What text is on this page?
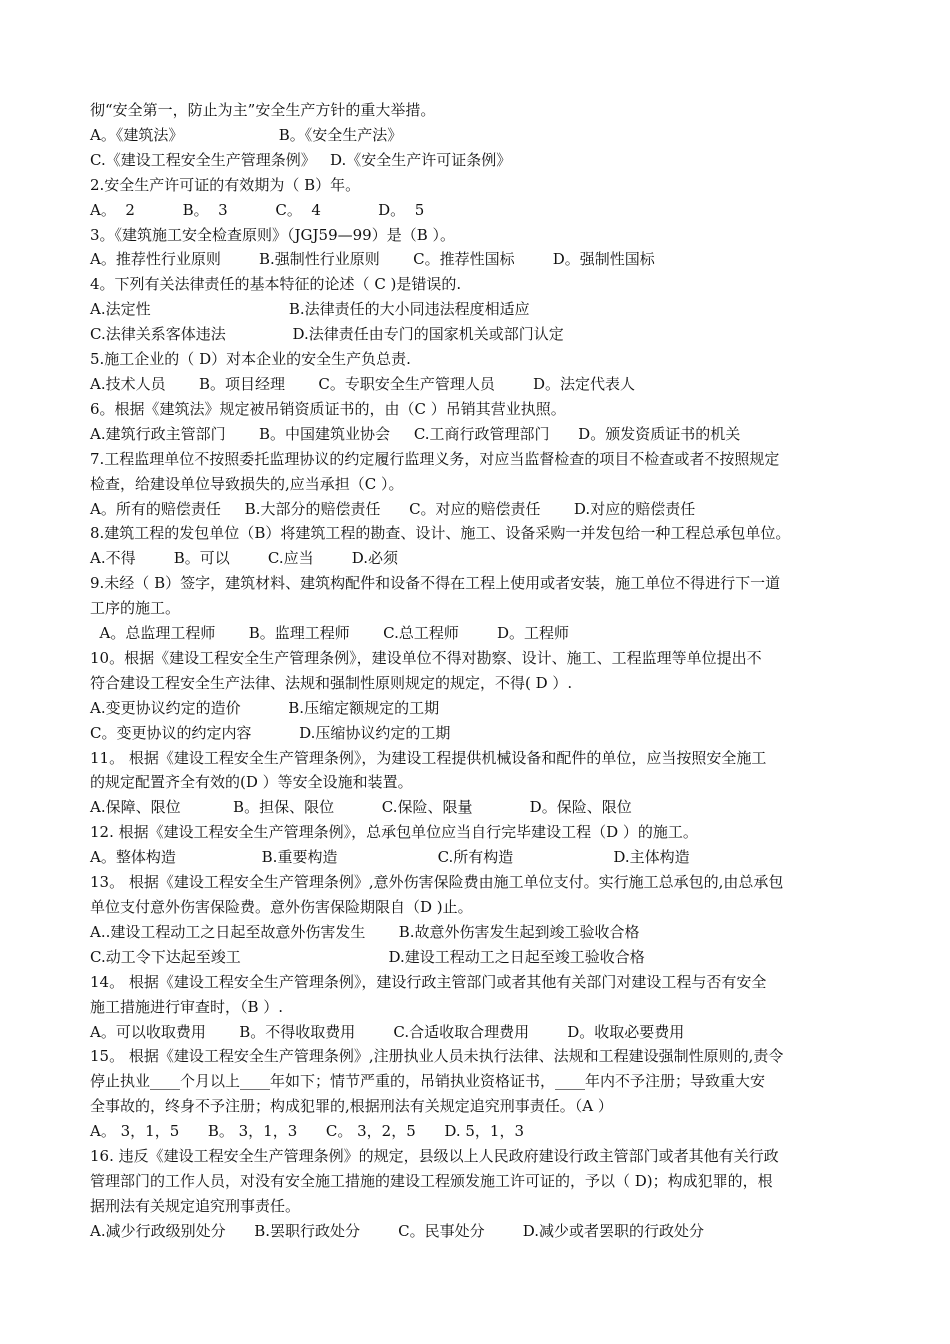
彻“安全第一，防止为主”安全生产方针的重大举措。
A。《建筑法》                    B。《安全生产法》
C.《建设工程安全生产管理条例》   D.《安全生产许可证条例》
2.安全生产许可证的有效期为（ B）年。
A。  2          B。  3          C。  4            D。  5
3。《建筑施工安全检查原则》（JGJ59—99）是（B ）。
A。推荐性行业原则        B.强制性行业原则       C。推荐性国标        D。强制性国标
4。下列有关法律责任的基本特征的论述（ C )是错误的.
A.法定性                             B.法律责任的大小同违法程度相适应
C.法律关系客体违法              D.法律责任由专门的国家机关或部门认定
5.施工企业的（ D）对本企业的安全生产负总责.
A.技术人员       B。项目经理       C。专职安全生产管理人员        D。法定代表人
6。根据《建筑法》规定被吊销资质证书的，由（C ）吊销其营业执照。
A.建筑行政主管部门       B。中国建筑业协会     C.工商行政管理部门      D。颁发资质证书的机关
7.工程监理单位不按照委托监理协议的约定履行监理义务，对应当监督检查的项目不检查或者不按照规定
检查，给建设单位导致损失的,应当承担（C ）。
A。所有的赔偿责任     B.大部分的赔偿责任      C。对应的赔偿责任       D.对应的赔偿责任
8.建筑工程的发包单位（B）将建筑工程的勘查、设计、施工、设备采购一并发包给一种工程总承包单位。
A.不得        B。可以        C.应当        D.必须
9.未经（ B）签字，建筑材料、建筑构配件和设备不得在工程上使用或者安装，施工单位不得进行下一道
工序的施工。
A。总监理工程师       B。监理工程师       C.总工程师        D。工程师
10。根据《建设工程安全生产管理条例》，建设单位不得对勘察、设计、施工、工程监理等单位提出不
符合建设工程安全生产法律、法规和强制性原则规定的规定，不得( D ）.
A.变更协议约定的造价          B.压缩定额规定的工期
C。变更协议的约定内容          D.压缩协议约定的工期
11。 根据《建设工程安全生产管理条例》，为建设工程提供机械设备和配件的单位，应当按照安全施工
的规定配置齐全有效的(D ）等安全设施和装置。
A.保障、限位           B。担保、限位          C.保险、限量            D。保险、限位
12. 根据《建设工程安全生产管理条例》，总承包单位应当自行完毕建设工程（D ）的施工。
A。整体构造                  B.重要构造                     C.所有构造                     D.主体构造
13。 根据《建设工程安全生产管理条例》,意外伤害保险费由施工单位支付。实行施工总承包的,由总承包
单位支付意外伤害保险费。意外伤害保险期限自（D )止。
A..建设工程动工之日起至故意外伤害发生       B.故意外伤害发生起到竣工验收合格
C.动工令下达起至竣工                               D.建设工程动工之日起至竣工验收合格
14。 根据《建设工程安全生产管理条例》，建设行政主管部门或者其他有关部门对建设工程与否有安全
施工措施进行审查时，（B ）.
A。可以收取费用       B。不得收取费用        C.合适收取合理费用        D。收取必要费用
15。 根据《建设工程安全生产管理条例》,注册执业人员未执行法律、法规和工程建设强制性原则的,责令
停止执业____个月以上____年如下；情节严重的，吊销执业资格证书，____年内不予注册；导致重大安
全事故的，终身不予注册；构成犯罪的,根据刑法有关规定追究刑事责任。（A ）
A。 3，1，5      B。 3，1，3      C。 3，2，5      D. 5，1，3
16. 违反《建设工程安全生产管理条例》的规定，县级以上人民政府建设行政主管部门或者其他有关行政
管理部门的工作人员，对没有安全施工措施的建设工程颁发施工许可证的，予以（ D)；构成犯罪的，根
据刑法有关规定追究刑事责任。
A.减少行政级别处分      B.罢职行政处分        C。民事处分        D.减少或者罢职的行政处分
